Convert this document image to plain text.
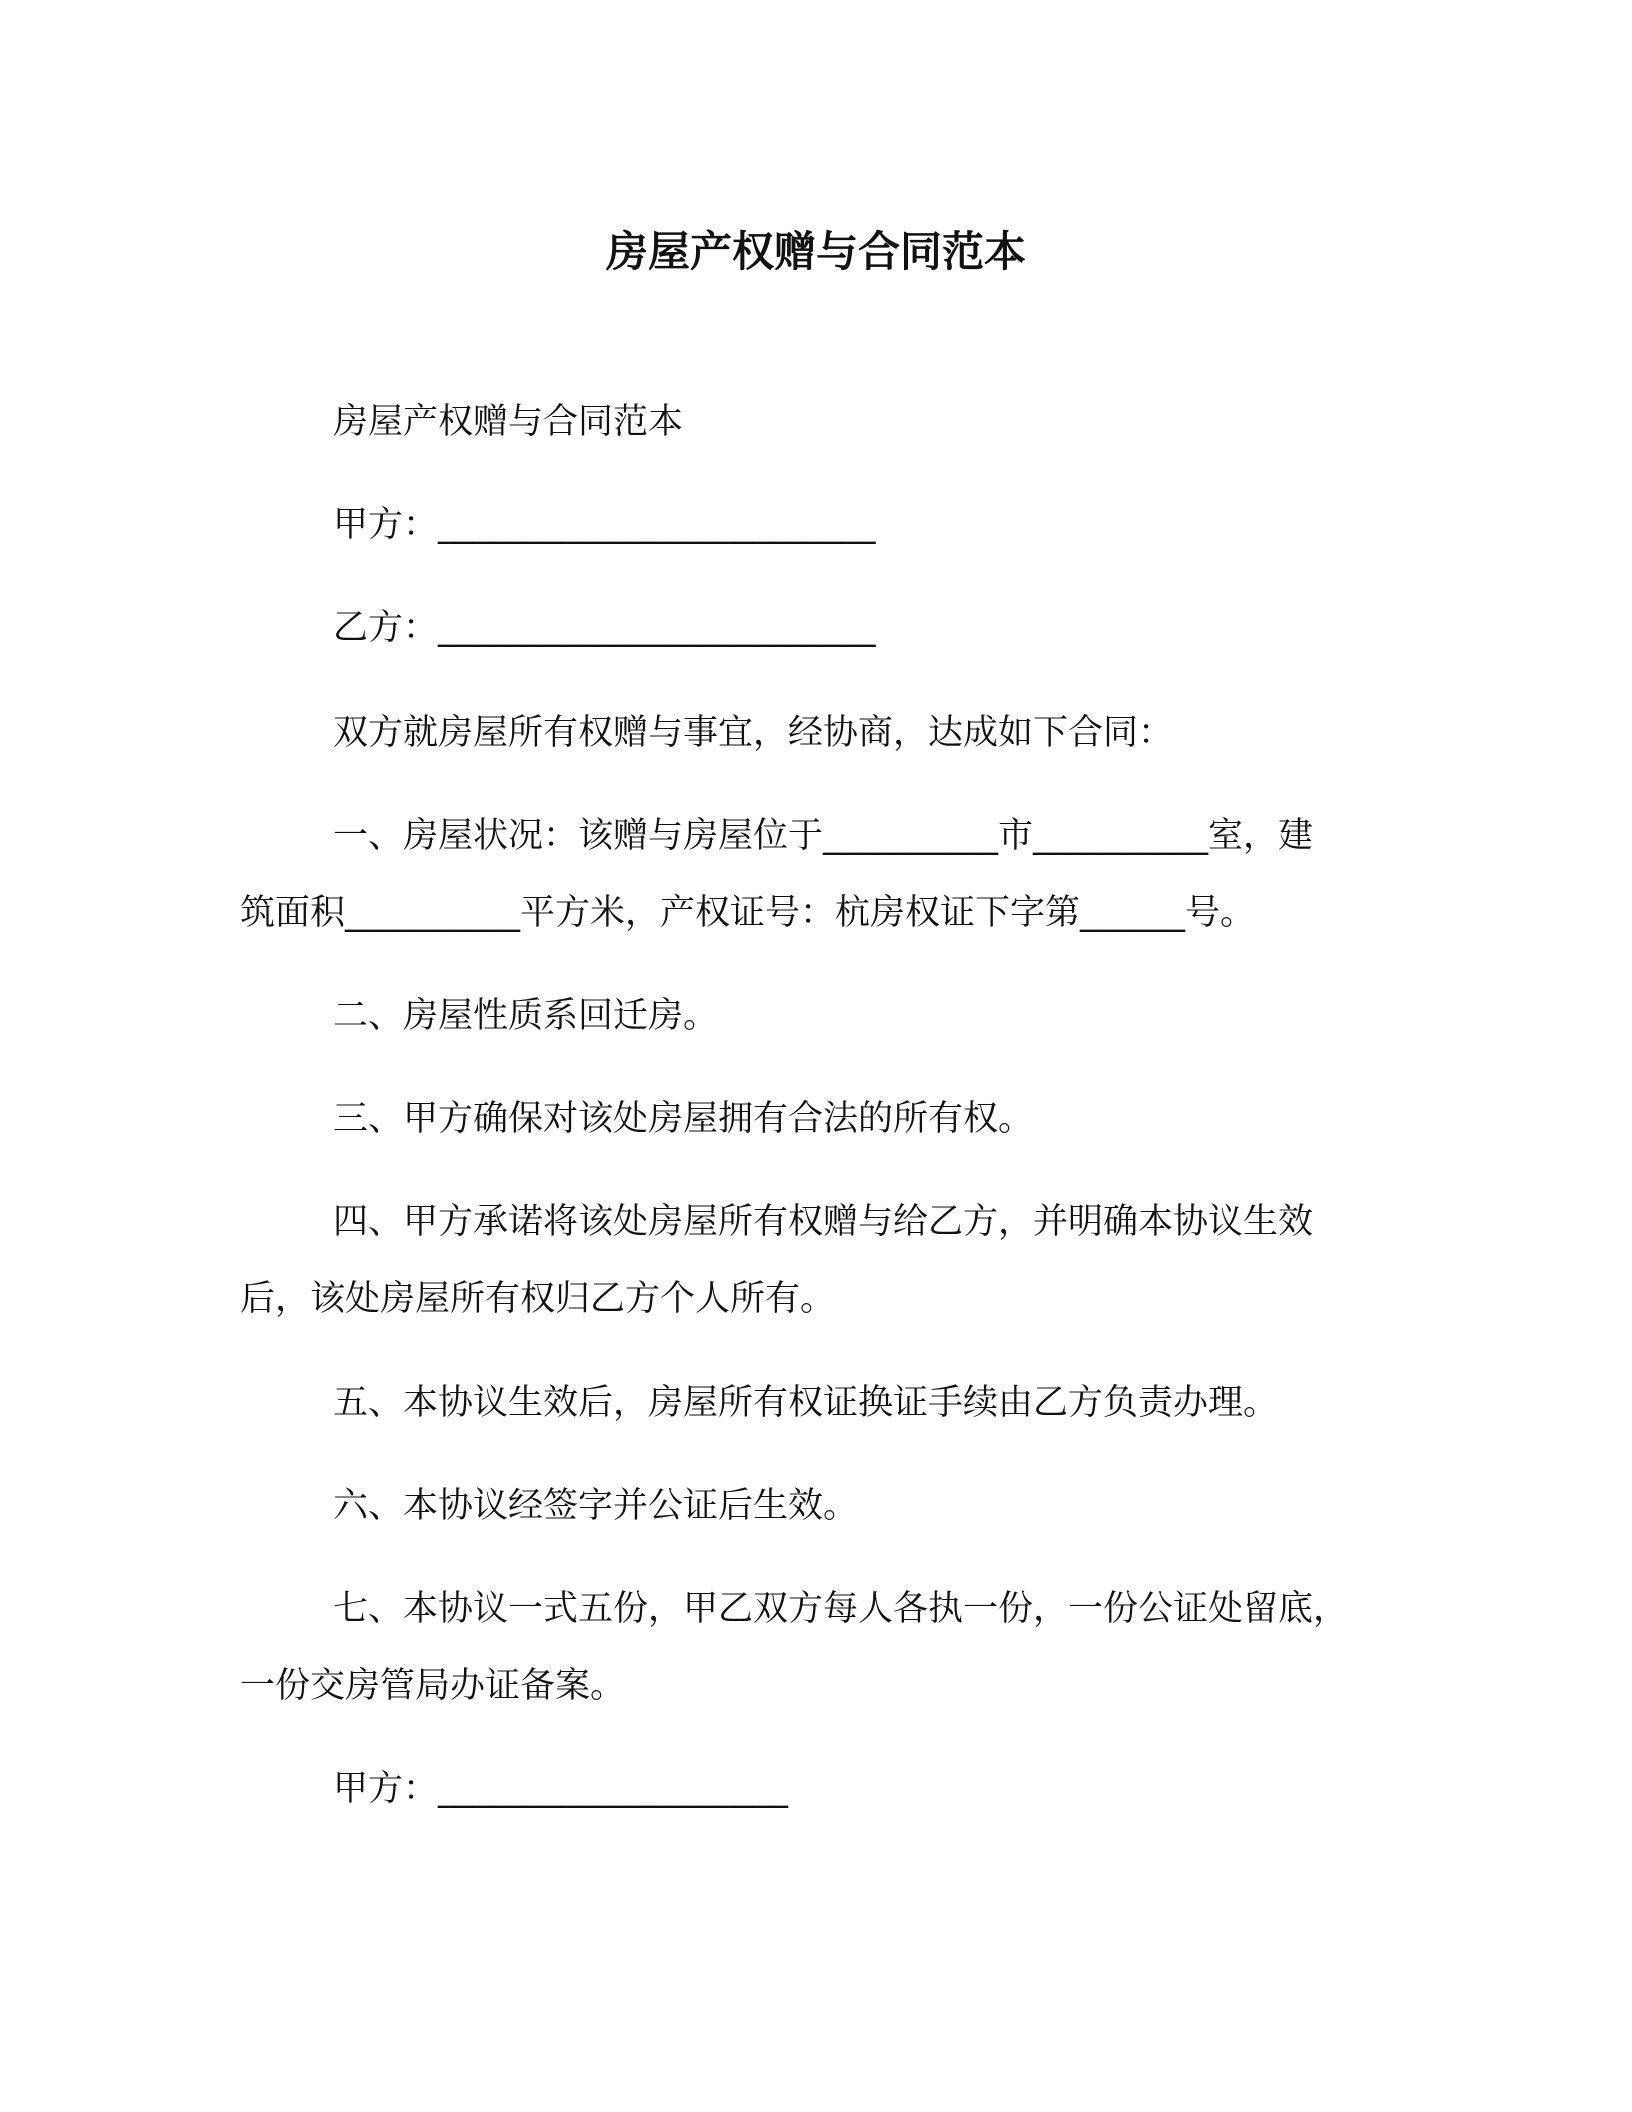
房屋产权赠与合同范本

房屋产权赠与合同范本

甲方：_________________________

乙方：_________________________

双方就房屋所有权赠与事宜，经协商，达成如下合同：

一、房屋状况：该赠与房屋位于__________市__________室，建

筑面积__________平方米，产权证号：杭房权证下字第______号。

二、房屋性质系回迁房。

三、甲方确保对该处房屋拥有合法的所有权。

四、甲方承诺将该处房屋所有权赠与给乙方，并明确本协议生效

后，该处房屋所有权归乙方个人所有。

五、本协议生效后，房屋所有权证换证手续由乙方负责办理。

六、本协议经签字并公证后生效。

七、本协议一式五份，甲乙双方每人各执一份，一份公证处留底，

一份交房管局办证备案。

甲方：____________________
